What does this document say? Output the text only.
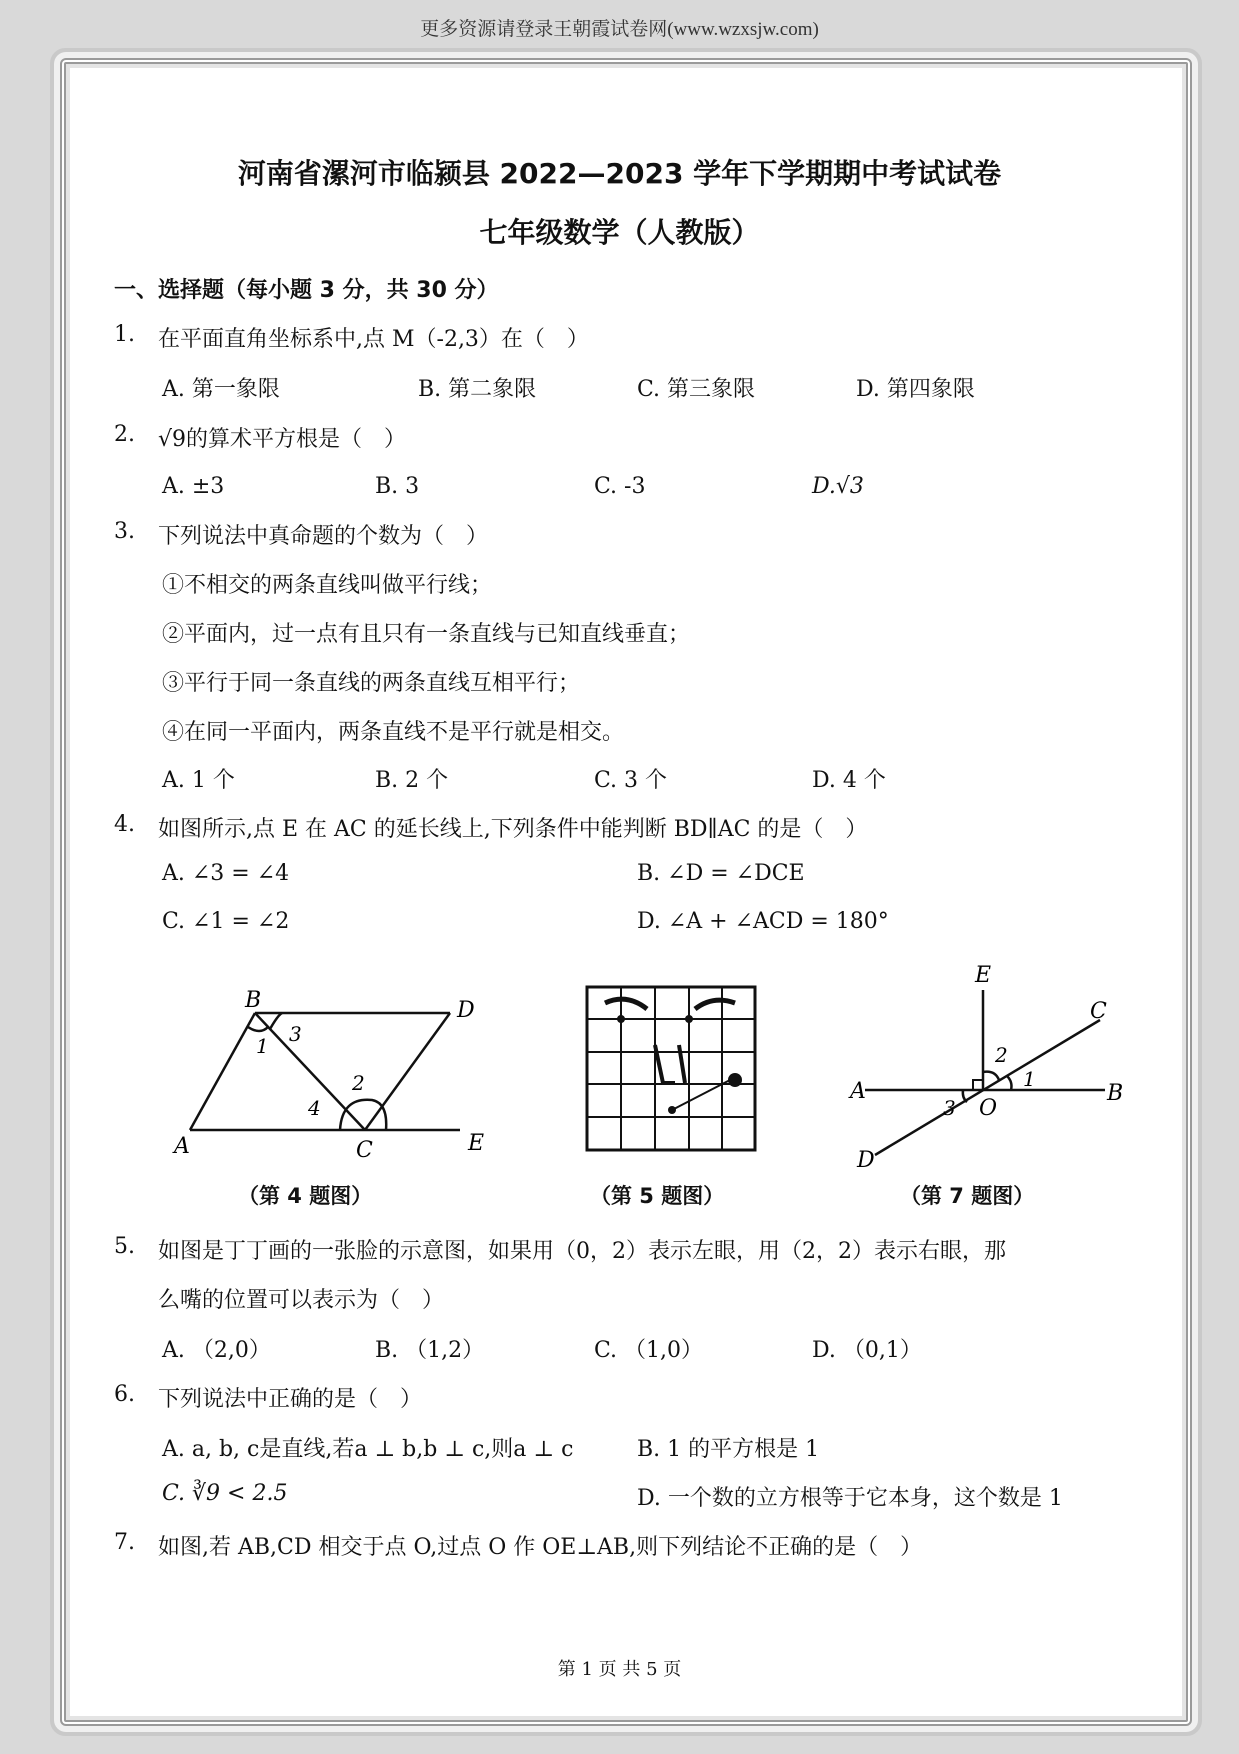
更多资源请登录王朝霞试卷网(www.wzxsjw.com)
河南省漯河市临颍县 2022—2023 学年下学期期中考试试卷
七年级数学（人教版）
一、选择题（每小题 3 分，共 30 分）
1. 在平面直角坐标系中,点 M（-2,3）在（　）
A. 第一象限	B. 第二象限	C. 第三象限	D. 第四象限
2. √9的算术平方根是（　）
A. ±3	B. 3	C. -3	D.√3
3. 下列说法中真命题的个数为（　）
①不相交的两条直线叫做平行线；
②平面内，过一点有且只有一条直线与已知直线垂直；
③平行于同一条直线的两条直线互相平行；
④在同一平面内，两条直线不是平行就是相交。
A. 1 个	B. 2 个	C. 3 个	D. 4 个
4. 如图所示,点 E 在 AC 的延长线上,下列条件中能判断 BD∥AC 的是（　）
A. ∠3 = ∠4	B. ∠D = ∠DCE
C. ∠1 = ∠2	D. ∠A + ∠ACD = 180°
B	D
A	C	E
1 3
2
4
（第 4 题图）	（第 5 题图）
E
C
A	B
D
O
1
2
3
（第 7 题图）
5. 如图是丁丁画的一张脸的示意图，如果用（0，2）表示左眼，用（2，2）表示右眼，那
么嘴的位置可以表示为（　）
A. （2,0）	B. （1,2）	C. （1,0）	D. （0,1）
6. 下列说法中正确的是（　）
A. a, b, c是直线,若a ⊥ b,b ⊥ c,则a ⊥ c	B. 1 的平方根是 1
C. ∛9 < 2.5	D. 一个数的立方根等于它本身，这个数是 1
7. 如图,若 AB,CD 相交于点 O,过点 O 作 OE⊥AB,则下列结论不正确的是（　）
第 1 页 共 5 页
